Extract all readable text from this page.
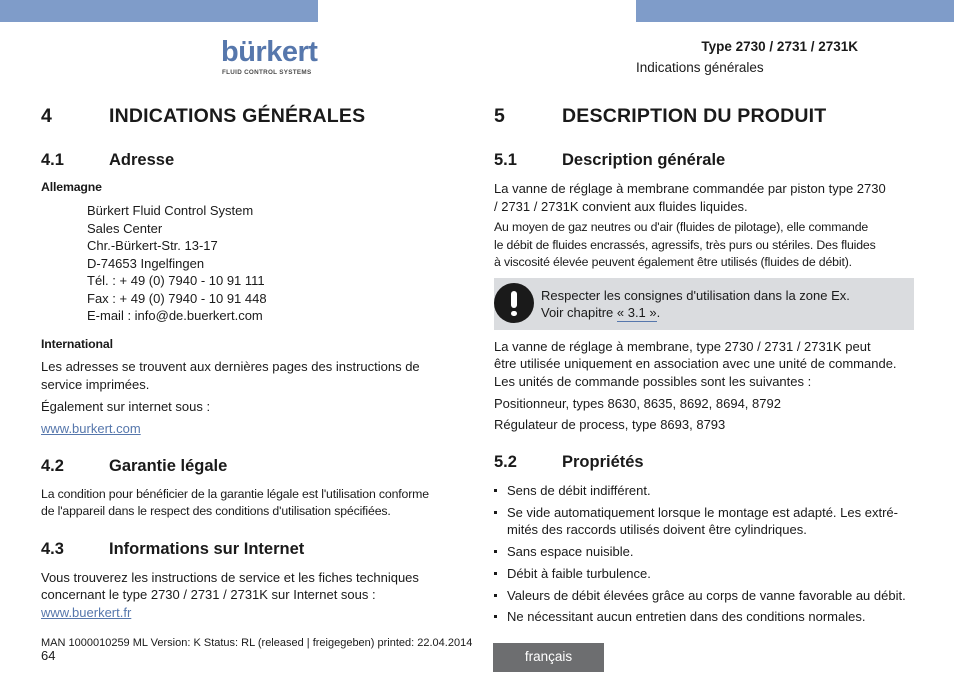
bürkert
FLUID CONTROL SYSTEMS
Type 2730 / 2731 / 2731K
Indications générales
4	INDICATIONS GÉNÉRALES
4.1	Adresse
Allemagne
Bürkert Fluid Control System
Sales Center
Chr.-Bürkert-Str. 13-17
D-74653 Ingelfingen
Tél. : + 49 (0) 7940 - 10 91 111
Fax : + 49 (0) 7940 - 10 91 448
E-mail : info@de.buerkert.com
International
Les adresses se trouvent aux dernières pages des instructions de
service imprimées.
Également sur internet sous :
www.burkert.com
4.2	Garantie légale
La condition pour bénéficier de la garantie légale est l'utilisation conforme
de l'appareil dans le respect des conditions d'utilisation spécifiées.
4.3	Informations sur Internet
Vous trouverez les instructions de service et les fiches techniques
concernant le type 2730 / 2731 / 2731K sur Internet sous :
www.buerkert.fr
5	DESCRIPTION DU PRODUIT
5.1	Description générale
La vanne de réglage à membrane commandée par piston type 2730
/ 2731 / 2731K convient aux fluides liquides.
Au moyen de gaz neutres ou d'air (fluides de pilotage), elle commande
le débit de fluides encrassés, agressifs, très purs ou stériles. Des fluides
à viscosité élevée peuvent également être utilisés (fluides de débit).
Respecter les consignes d'utilisation dans la zone Ex.
Voir chapitre « 3.1 ».
La vanne de réglage à membrane, type 2730 / 2731 / 2731K peut
être utilisée uniquement en association avec une unité de commande.
Les unités de commande possibles sont les suivantes :
Positionneur, types 8630, 8635, 8692, 8694, 8792
Régulateur de process, type 8693, 8793
5.2	Propriétés
Sens de débit indifférent.
Se vide automatiquement lorsque le montage est adapté. Les extré-
mités des raccords utilisés doivent être cylindriques.
Sans espace nuisible.
Débit à faible turbulence.
Valeurs de débit élevées grâce au corps de vanne favorable au débit.
Ne nécessitant aucun entretien dans des conditions normales.
MAN 1000010259 ML Version: K Status: RL (released | freigegeben) printed: 22.04.2014
64	français
